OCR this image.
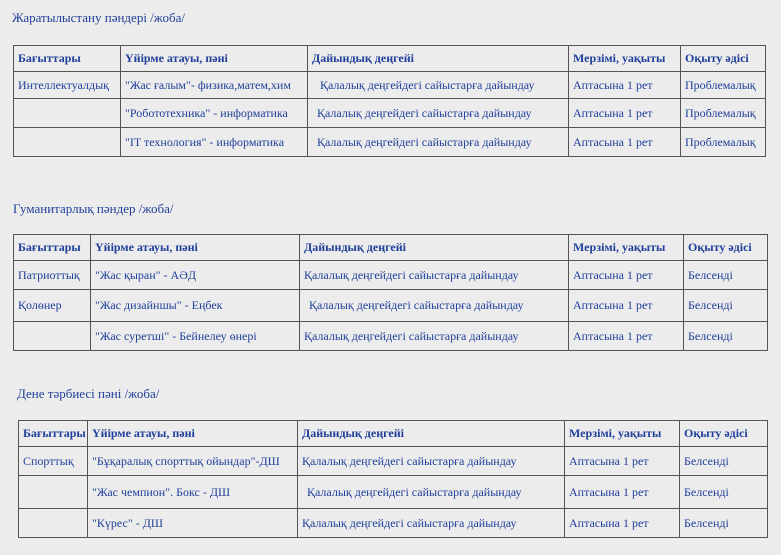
Жаратылыстану пәндері /жоба/
Бағыттары	Үйірме атауы, пәні	Дайындық деңгейі	Мерзімі, уақыты	Оқыту әдісі
Интеллектуалдық	"Жас ғалым"- физика,матем,хим	Қалалық деңгейдегі сайыстарға дайындау	Аптасына 1 рет	Проблемалық
	"Робототехника" - информатика	Қалалық деңгейдегі сайыстарға дайындау	Аптасына 1 рет	Проблемалық
	"IT технология" - информатика	Қалалық деңгейдегі сайыстарға дайындау	Аптасына 1 рет	Проблемалық
Гуманитарлық пәндер /жоба/
Бағыттары	Үйірме атауы, пәні	Дайындық деңгейі	Мерзімі, уақыты	Оқыту әдісі
Патриоттық	"Жас қыран" - АӘД	Қалалық деңгейдегі сайыстарға дайындау	Аптасына 1 рет	Белсенді
Қолөнер	"Жас дизайншы" - Еңбек	Қалалық деңгейдегі сайыстарға дайындау	Аптасына 1 рет	Белсенді
	"Жас суретші" - Бейнелеу өнері	Қалалық деңгейдегі сайыстарға дайындау	Аптасына 1 рет	Белсенді
Дене тәрбиесі пәні /жоба/
Бағыттары	Үйірме атауы, пәні	Дайындық деңгейі	Мерзімі, уақыты	Оқыту әдісі
Спорттық	"Бұқаралық спорттық ойындар"-ДШ	Қалалық деңгейдегі сайыстарға дайындау	Аптасына 1 рет	Белсенді
	"Жас чемпион". Бокс - ДШ	Қалалық деңгейдегі сайыстарға дайындау	Аптасына 1 рет	Белсенді
	"Күрес" - ДШ	Қалалық деңгейдегі сайыстарға дайындау	Аптасына 1 рет	Белсенді
